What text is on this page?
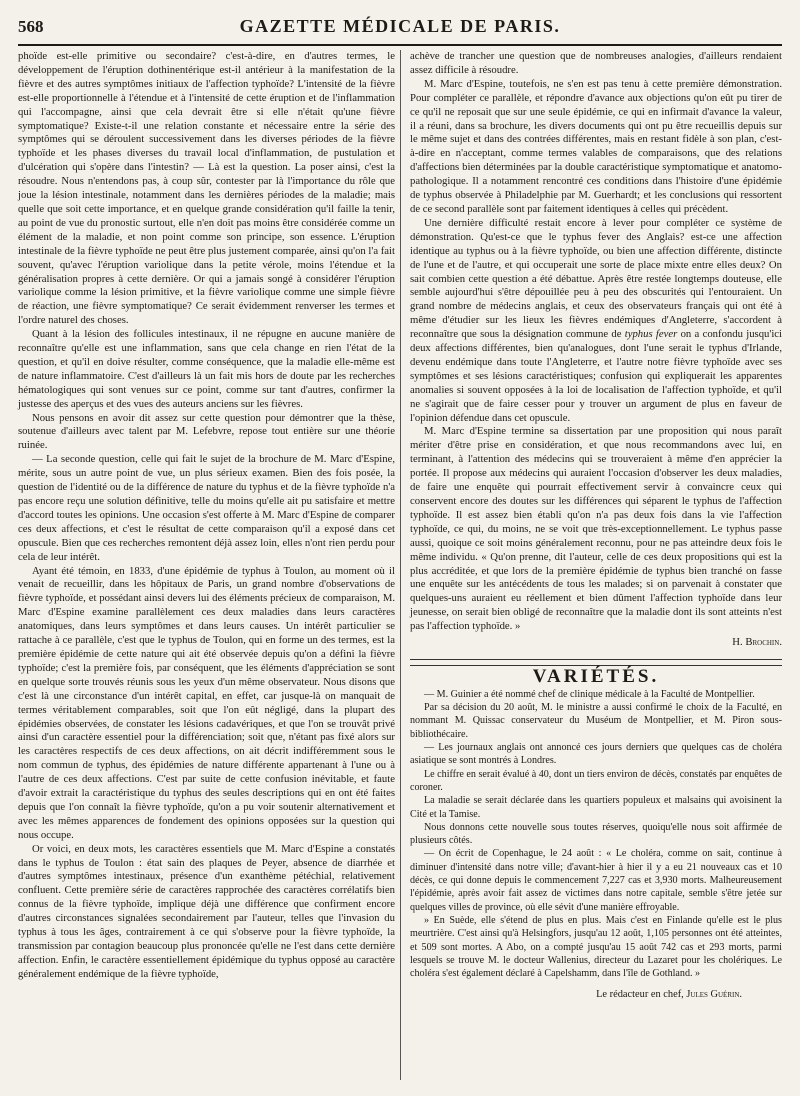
568	GAZETTE MÉDICALE DE PARIS.

phoïde est-elle primitive ou secondaire? c'est-à-dire, en d'autres termes, le développement de l'éruption dothinentérique est-il antérieur à la manifestation de la fièvre et des autres symptômes initiaux de l'affection typhoïde? L'intensité de la fièvre est-elle proportionnelle à l'étendue et à l'intensité de cette éruption et de l'inflammation qui l'accompagne, ainsi que cela devrait être si elle n'était qu'une fièvre symptomatique? Existe-t-il une relation constante et nécessaire entre la série des symptômes qui se déroulent successivement dans les diverses périodes de la fièvre typhoïde et les phases diverses du travail local d'inflammation, de pustulation et d'ulcération qui s'opère dans l'intestin? — Là est la question. La poser ainsi, c'est la résoudre. Nous n'entendons pas, à coup sûr, contester par là l'importance du rôle que joue la lésion intestinale, notamment dans les dernières périodes de la maladie; mais quelle que soit cette importance, et en quelque grande considération qu'il faille la tenir, au point de vue du pronostic surtout, elle n'en doit pas moins être considérée comme un élément de la maladie, et non point comme son principe, son essence. L'éruption intestinale de la fièvre typhoïde ne peut être plus justement comparée, ainsi qu'on l'a fait souvent, qu'avec l'éruption variolique dans la petite vérole, moins l'étendue et la généralisation propres à cette dernière. Or qui a jamais songé à considérer l'éruption variolique comme la lésion primitive, et la fièvre variolique comme une simple fièvre de réaction, une fièvre symptomatique? Ce serait évidemment renverser les termes et l'ordre naturel des choses.

Quant à la lésion des follicules intestinaux, il ne répugne en aucune manière de reconnaître qu'elle est une inflammation, sans que cela change en rien l'état de la question, et qu'il en doive résulter, comme conséquence, que la maladie elle-même est de nature inflammatoire. C'est d'ailleurs là un fait mis hors de doute par les recherches hématologiques qui sont venues sur ce point, comme sur tant d'autres, confirmer la justesse des aperçus et des vues des auteurs anciens sur les fièvres.

Nous pensons en avoir dit assez sur cette question pour démontrer que la thèse, soutenue d'ailleurs avec talent par M. Lefebvre, repose tout entière sur une théorie ruinée.

— La seconde question, celle qui fait le sujet de la brochure de M. Marc d'Espine, mérite, sous un autre point de vue, un plus sérieux examen. Bien des fois posée, la question de l'identité ou de la différence de nature du typhus et de la fièvre typhoïde n'a pas encore reçu une solution définitive, telle du moins qu'elle ait pu satisfaire et mettre d'accord toutes les opinions. Une occasion s'est offerte à M. Marc d'Espine de comparer ces deux affections, et c'est le résultat de cette comparaison qu'il a exposé dans cet opuscule. Bien que ces recherches remontent déjà assez loin, elles n'ont rien perdu pour cela de leur intérêt.

Ayant été témoin, en 1833, d'une épidémie de typhus à Toulon, au moment où il venait de recueillir, dans les hôpitaux de Paris, un grand nombre d'observations de fièvre typhoïde, et possédant ainsi devers lui des éléments précieux de comparaison, M. Marc d'Espine examine parallèlement ces deux maladies dans leurs caractères anatomiques, dans leurs symptômes et dans leurs causes. Un intérêt particulier se rattache à ce parallèle, c'est que le typhus de Toulon, qui en forme un des termes, est la première épidémie de cette nature qui ait été observée depuis qu'on a défini la fièvre typhoïde; c'est la première fois, par conséquent, que les éléments d'appréciation se sont en quelque sorte trouvés réunis sous les yeux d'un même observateur. Nous disons que c'est là une circonstance d'un intérêt capital, en effet, car jusque-là on manquait de termes véritablement comparables, soit que l'on eût négligé, dans la plupart des épidémies observées, de constater les lésions cadavériques, et que l'on se trouvât privé ainsi d'un caractère essentiel pour la différenciation; soit que, n'étant pas fixé alors sur les caractères respectifs de ces deux affections, on ait décrit indifféremment sous le nom commun de typhus, des épidémies de nature différente appartenant à l'une ou à l'autre de ces deux affections. C'est par suite de cette confusion inévitable, et faute d'avoir extrait la caractéristique du typhus des seules descriptions qui en ont été faites depuis que l'on connaît la fièvre typhoïde, qu'on a pu voir soutenir alternativement et avec les mêmes apparences de fondement des opinions opposées sur la question qui nous occupe.

Or voici, en deux mots, les caractères essentiels que M. Marc d'Espine a constatés dans le typhus de Toulon : état sain des plaques de Peyer, absence de diarrhée et d'autres symptômes intestinaux, présence d'un exanthème pétéchial, relativement confluent. Cette première série de caractères rapprochée des caractères corrélatifs bien connus de la fièvre typhoïde, implique déjà une différence que confirment encore d'autres circonstances signalées secondairement par l'auteur, telles que l'invasion du typhus à tous les âges, contrairement à ce qui s'observe pour la fièvre typhoïde, la transmission par contagion beaucoup plus prononcée qu'elle ne l'est dans cette dernière affection. Enfin, le caractère essentiellement épidémique du typhus opposé au caractère généralement endémique de la fièvre typhoïde,

achève de trancher une question que de nombreuses analogies, d'ailleurs rendaient assez difficile à résoudre.

M. Marc d'Espine, toutefois, ne s'en est pas tenu à cette première démonstration. Pour compléter ce parallèle, et répondre d'avance aux objections qu'on eût pu tirer de ce qu'il ne reposait que sur une seule épidémie, ce qui en infirmait d'avance la valeur, il a réuni, dans sa brochure, les divers documents qui ont pu être recueillis depuis sur le même sujet et dans des contrées différentes, mais en restant fidèle à son plan, c'est-à-dire en n'acceptant, comme termes valables de comparaisons, que des relations d'affections bien déterminées par la double caractéristique symptomatique et anatomo-pathologique. Il a notamment rencontré ces conditions dans l'histoire d'une épidémie de typhus observée à Philadelphie par M. Guerhardt; et les conclusions qui ressortent de ce second parallèle sont par faitement identiques à celles qui précèdent.

Une dernière difficulté restait encore à lever pour compléter ce système de démonstration. Qu'est-ce que le typhus fever des Anglais? est-ce une affection identique au typhus ou à la fièvre typhoïde, ou bien une affection différente, distincte de l'une et de l'autre, et qui occuperait une sorte de place mixte entre elles deux? On sait combien cette question a été débattue. Après être restée longtemps douteuse, elle semble aujourd'hui s'être dépouillée peu à peu des obscurités qui l'entouraient. Un grand nombre de médecins anglais, et ceux des observateurs français qui ont été à même d'étudier sur les lieux les fièvres endémiques d'Angleterre, s'accordent à reconnaître que sous la désignation commune de typhus fever on a confondu jusqu'ici deux affections différentes, bien qu'analogues, dont l'une serait le typhus d'Irlande, devenu endémique dans toute l'Angleterre, et l'autre notre fièvre typhoïde avec ses symptômes et ses lésions caractéristiques; confusion qui expliquerait les apparentes anomalies si souvent opposées à la loi de localisation de l'affection typhoïde, et qu'il ne s'agirait que de faire cesser pour y trouver un argument de plus en faveur de l'opinion défendue dans cet opuscule.

M. Marc d'Espine termine sa dissertation par une proposition qui nous paraît mériter d'être prise en considération, et que nous recommandons avec lui, en terminant, à l'attention des médecins qui se trouveraient à même d'en apprécier la portée. Il propose aux médecins qui auraient l'occasion d'observer les deux maladies, de faire une enquête qui pourrait effectivement servir à convaincre ceux qui conservent encore des doutes sur les différences qui séparent le typhus de l'affection typhoïde. Il est assez bien établi qu'on n'a pas deux fois dans la vie l'affection typhoïde, ce qui, du moins, ne se voit que très-exceptionnellement. Le typhus passe aussi, quoique ce soit moins généralement reconnu, pour ne pas atteindre deux fois le même individu. « Qu'on prenne, dit l'auteur, celle de ces deux propositions qui est la plus accréditée, et que lors de la première épidémie de typhus bien tranché on fasse une enquête sur les antécédents de tous les malades; si on parvenait à constater que quelques-uns auraient eu réellement et bien dûment l'affection typhoïde dans leur jeunesse, on serait bien obligé de reconnaître que la maladie dont ils sont atteints n'est pas l'affection typhoïde. »

H. Brochin.
VARIÉTÉS.

— M. Guinier a été nommé chef de clinique médicale à la Faculté de Montpellier.

Par sa décision du 20 août, M. le ministre a aussi confirmé le choix de la Faculté, en nommant M. Quissac conservateur du Muséum de Montpellier, et M. Piron sous-bibliothécaire.

— Les journaux anglais ont annoncé ces jours derniers que quelques cas de choléra asiatique se sont montrés à Londres.

Le chiffre en serait évalué à 40, dont un tiers environ de décès, constatés par enquêtes de coroner.

La maladie se serait déclarée dans les quartiers populeux et malsains qui avoisinent la Cité et la Tamise.

Nous donnons cette nouvelle sous toutes réserves, quoiqu'elle nous soit affirmée de plusieurs côtés.

— On écrit de Copenhague, le 24 août : « Le choléra, comme on sait, continue à diminuer d'intensité dans notre ville; d'avant-hier à hier il y a eu 21 nouveaux cas et 10 décès, ce qui donne depuis le commencement 7,227 cas et 3,930 morts. Malheureusement l'épidémie, après avoir fait assez de victimes dans notre capitale, semble s'être jetée sur quelques villes de province, où elle sévit d'une manière effroyable.

» En Suède, elle s'étend de plus en plus. Mais c'est en Finlande qu'elle est le plus meurtrière. C'est ainsi qu'à Helsingfors, jusqu'au 12 août, 1,105 personnes ont été atteintes, et 509 sont mortes. A Abo, on a compté jusqu'au 15 août 742 cas et 293 morts, parmi lesquels se trouve M. le docteur Wallenius, directeur du Lazaret pour les cholériques. Le choléra s'est également déclaré à Capelshamm, dans l'île de Gothland. »

Le rédacteur en chef, Jules Guérin.
